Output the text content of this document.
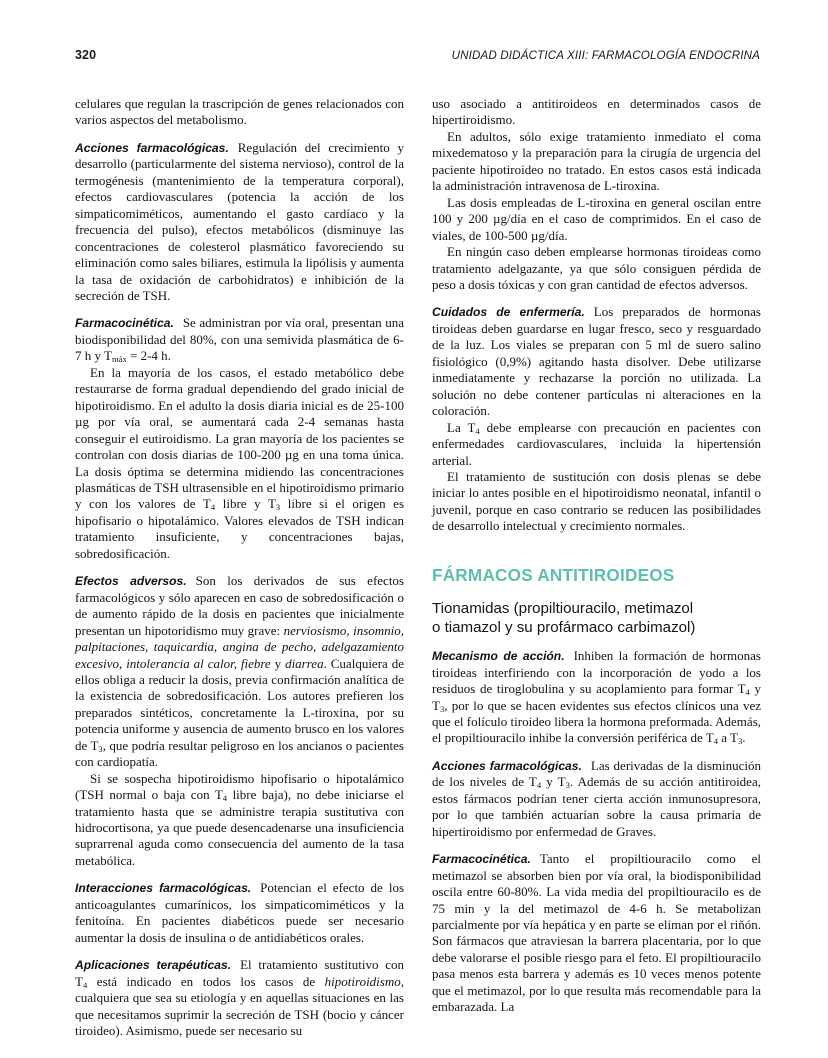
320	UNIDAD DIDÁCTICA XIII: FARMACOLOGÍA ENDOCRINA

celulares que regulan la trascripción de genes relacionados con varios aspectos del metabolismo.

Acciones farmacológicas. Regulación del crecimiento y desarrollo (particularmente del sistema nervioso), control de la termogénesis (mantenimiento de la temperatura corporal), efectos cardiovasculares (potencia la acción de los simpaticomiméticos, aumentando el gasto cardíaco y la frecuencia del pulso), efectos metabólicos (disminuye las concentraciones de colesterol plasmático favoreciendo su eliminación como sales biliares, estimula la lipólisis y aumenta la tasa de oxidación de carbohidratos) e inhibición de la secreción de TSH.

Farmacocinética. Se administran por vía oral, presentan una biodisponibilidad del 80%, con una semivida plasmática de 6-7 h y $T_{máx} = 2-4$ h.

En la mayoría de los casos, el estado metabólico debe restaurarse de forma gradual dependiendo del grado inicial de hipotiroidismo. En el adulto la dosis diaria inicial es de 25-100 µg por vía oral, se aumentará cada 2-4 semanas hasta conseguir el eutiroidismo. La gran mayoría de los pacientes se controlan con dosis diarias de 100-200 µg en una toma única. La dosis óptima se determina midiendo las concentraciones plasmáticas de TSH ultrasensible en el hipotiroidismo primario y con los valores de $T_4$ libre y $T_3$ libre si el origen es hipofisario o hipotalámico. Valores elevados de TSH indican tratamiento insuficiente, y concentraciones bajas, sobredosificación.

Efectos adversos. Son los derivados de sus efectos farmacológicos y sólo aparecen en caso de sobredosificación o de aumento rápido de la dosis en pacientes que inicialmente presentan un hipotoridismo muy grave: nerviosismo, insomnio, palpitaciones, taquicardia, angina de pecho, adelgazamiento excesivo, intolerancia al calor, fiebre y diarrea. Cualquiera de ellos obliga a reducir la dosis, previa confirmación analítica de la existencia de sobredosificación. Los autores prefieren los preparados sintéticos, concretamente la L-tiroxina, por su potencia uniforme y ausencia de aumento brusco en los valores de $T_3$, que podría resultar peligroso en los ancianos o pacientes con cardiopatía.

Si se sospecha hipotiroidismo hipofisario o hipotalámico (TSH normal o baja con $T_4$ libre baja), no debe iniciarse el tratamiento hasta que se administre terapia sustitutiva con hidrocortisona, ya que puede desencadenarse una insuficiencia suprarrenal aguda como consecuencia del aumento de la tasa metabólica.

Interacciones farmacológicas. Potencian el efecto de los anticoagulantes cumarínicos, los simpaticomiméticos y la fenitoína. En pacientes diabéticos puede ser necesario aumentar la dosis de insulina o de antidiabéticos orales.

Aplicaciones terapéuticas. El tratamiento sustitutivo con $T_4$ está indicado en todos los casos de hipotiroidismo, cualquiera que sea su etiología y en aquellas situaciones en las que necesitamos suprimir la secreción de TSH (bocio y cáncer tiroideo). Asimismo, puede ser necesario su

uso asociado a antitiroideos en determinados casos de hipertiroidismo.

En adultos, sólo exige tratamiento inmediato el coma mixedematoso y la preparación para la cirugía de urgencia del paciente hipotiroideo no tratado. En estos casos está indicada la administración intravenosa de L-tiroxina.

Las dosis empleadas de L-tiroxina en general oscilan entre 100 y 200 µg/día en el caso de comprimidos. En el caso de viales, de 100-500 µg/día.

En ningún caso deben emplearse hormonas tiroideas como tratamiento adelgazante, ya que sólo consiguen pérdida de peso a dosis tóxicas y con gran cantidad de efectos adversos.

Cuidados de enfermería. Los preparados de hormonas tiroideas deben guardarse en lugar fresco, seco y resguardado de la luz. Los viales se preparan con 5 ml de suero salino fisiológico (0,9%) agitando hasta disolver. Debe utilizarse inmediatamente y rechazarse la porción no utilizada. La solución no debe contener partículas ni alteraciones en la coloración.

La $T_4$ debe emplearse con precaución en pacientes con enfermedades cardiovasculares, incluida la hipertensión arterial.

El tratamiento de sustitución con dosis plenas se debe iniciar lo antes posible en el hipotiroidismo neonatal, infantil o juvenil, porque en caso contrario se reducen las posibilidades de desarrollo intelectual y crecimiento normales.

FÁRMACOS ANTITIROIDEOS
Tionamidas (propiltiouracilo, metimazol
o tiamazol y su profármaco carbimazol)

Mecanismo de acción. Inhiben la formación de hormonas tiroideas interfiriendo con la incorporación de yodo a los residuos de tiroglobulina y su acoplamiento para formar $T_4$ y $T_3$, por lo que se hacen evidentes sus efectos clínicos una vez que el folículo tiroideo libera la hormona preformada. Además, el propiltiouracilo inhibe la conversión periférica de $T_4$ a $T_3$.

Acciones farmacológicas. Las derivadas de la disminución de los niveles de $T_4$ y $T_3$. Además de su acción antitiroidea, estos fármacos podrían tener cierta acción inmunosupresora, por lo que también actuarían sobre la causa primaria de hipertiroidismo por enfermedad de Graves.

Farmacocinética. Tanto el propiltiouracilo como el metimazol se absorben bien por vía oral, la biodisponibilidad oscila entre 60-80%. La vida media del propiltiouracilo es de 75 min y la del metimazol de 4-6 h. Se metabolizan parcialmente por vía hepática y en parte se eliman por el riñón. Son fármacos que atraviesan la barrera placentaria, por lo que debe valorarse el posible riesgo para el feto. El propiltiouracilo pasa menos esta barrera y además es 10 veces menos potente que el metimazol, por lo que resulta más recomendable para la embarazada. La
